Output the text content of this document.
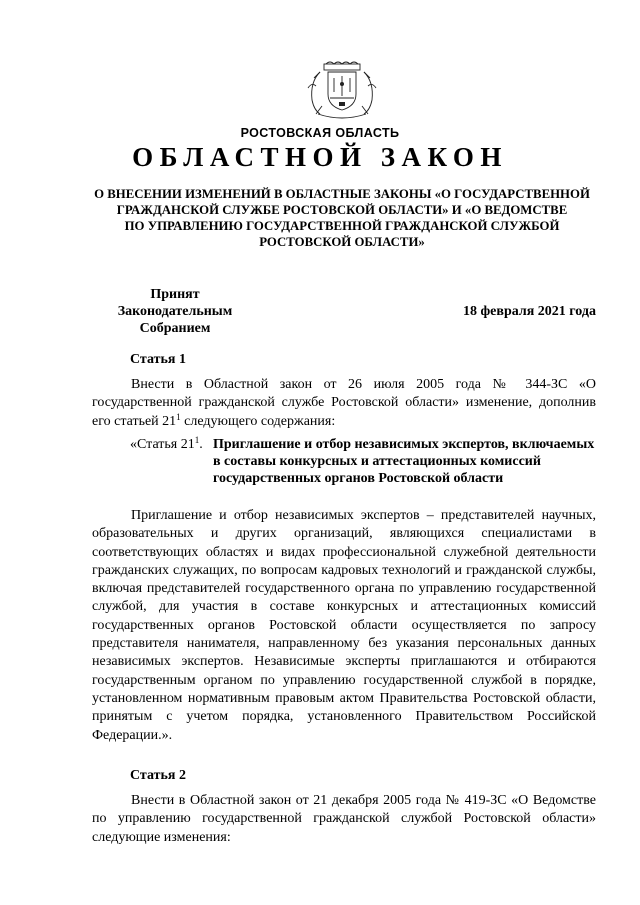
РОСТОВСКАЯ ОБЛАСТЬ
ОБЛАСТНОЙ ЗАКОН
О ВНЕСЕНИИ ИЗМЕНЕНИЙ В ОБЛАСТНЫЕ ЗАКОНЫ «О ГОСУДАРСТВЕННОЙ
ГРАЖДАНСКОЙ СЛУЖБЕ РОСТОВСКОЙ ОБЛАСТИ» И «О ВЕДОМСТВЕ
ПО УПРАВЛЕНИЮ ГОСУДАРСТВЕННОЙ ГРАЖДАНСКОЙ СЛУЖБОЙ
РОСТОВСКОЙ ОБЛАСТИ»
Принят
Законодательным Собранием
18 февраля 2021 года
Статья 1
Внести в Областной закон от 26 июля 2005 года № 344-ЗС «О государственной гражданской службе Ростовской области» изменение, дополнив его статьей $21^1$ следующего содержания:
«Статья $21^1$. Приглашение и отбор независимых экспертов, включаемых в составы конкурсных и аттестационных комиссий государственных органов Ростовской области
Приглашение и отбор независимых экспертов – представителей научных, образовательных и других организаций, являющихся специалистами в соответствующих областях и видах профессиональной служебной деятельности гражданских служащих, по вопросам кадровых технологий и гражданской службы, включая представителей государственного органа по управлению государственной службой, для участия в составе конкурсных и аттестационных комиссий государственных органов Ростовской области осуществляется по запросу представителя нанимателя, направленному без указания персональных данных независимых экспертов. Независимые эксперты приглашаются и отбираются государственным органом по управлению государственной службой в порядке, установленном нормативным правовым актом Правительства Ростовской области, принятым с учетом порядка, установленного Правительством Российской Федерации.».
Статья 2
Внести в Областной закон от 21 декабря 2005 года № 419-ЗС «О Ведомстве по управлению государственной гражданской службой Ростовской области» следующие изменения:
